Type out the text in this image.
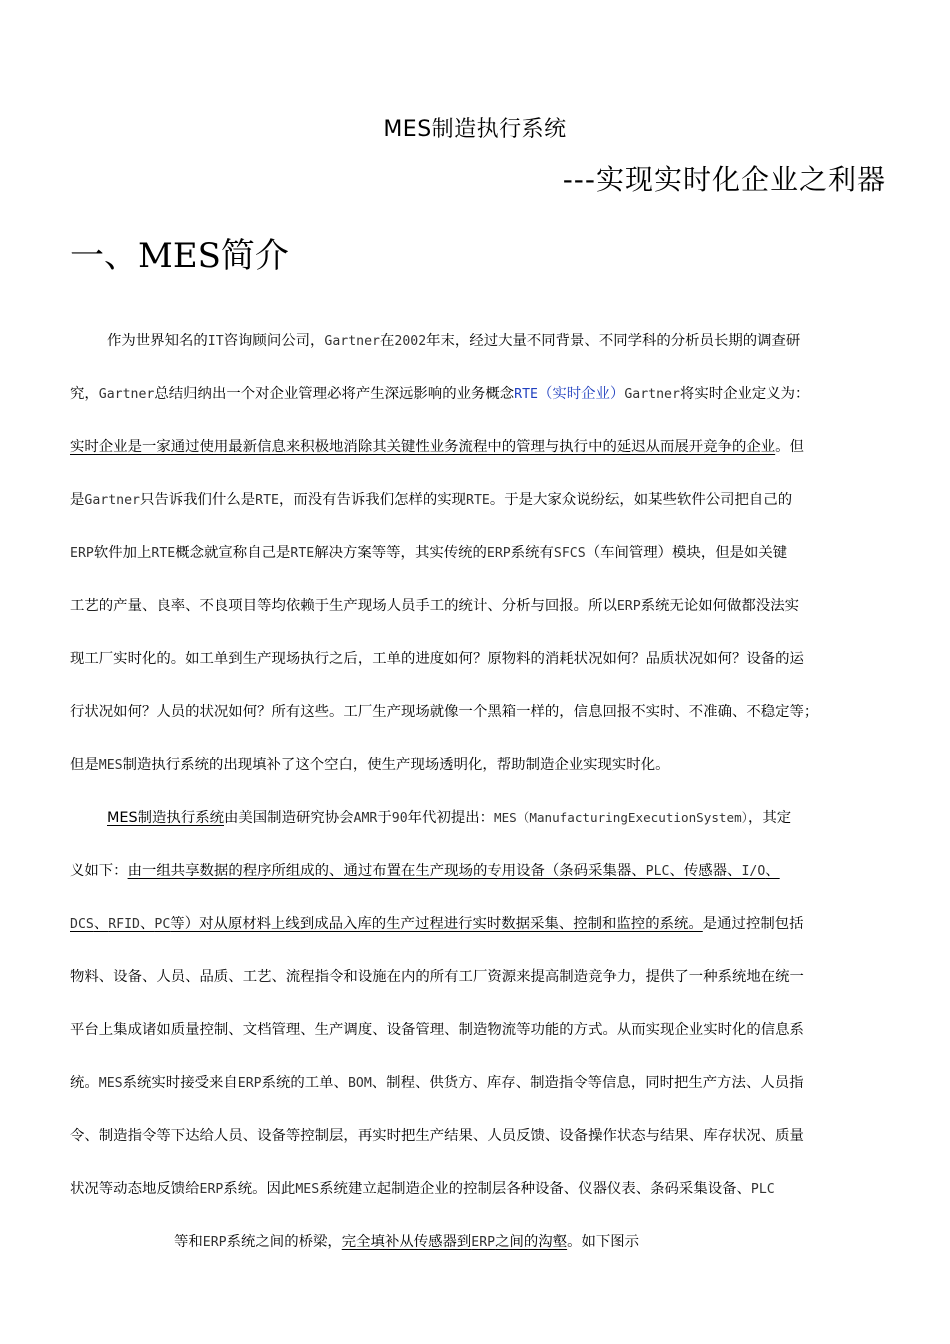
MES制造执行系统
---实现实时化企业之利器
一、MES简介
作为世界知名的IT咨询顾问公司，Gartner在2002年末，经过大量不同背景、不同学科的分析员长期的调查研
究，Gartner总结归纳出一个对企业管理必将产生深远影响的业务概念RTE（实时企业）Gartner将实时企业定义为：
实时企业是一家通过使用最新信息来积极地消除其关键性业务流程中的管理与执行中的延迟从而展开竞争的企业。但
是Gartner只告诉我们什么是RTE，而没有告诉我们怎样的实现RTE。于是大家众说纷纭，如某些软件公司把自己的
ERP软件加上RTE概念就宣称自己是RTE解决方案等等，其实传统的ERP系统有SFCS（车间管理）模块，但是如关键
工艺的产量、良率、不良项目等均依赖于生产现场人员手工的统计、分析与回报。所以ERP系统无论如何做都没法实
现工厂实时化的。如工单到生产现场执行之后，工单的进度如何？原物料的消耗状况如何？品质状况如何？设备的运
行状况如何？人员的状况如何？所有这些。工厂生产现场就像一个黑箱一样的，信息回报不实时、不准确、不稳定等；
但是MES制造执行系统的出现填补了这个空白，使生产现场透明化，帮助制造企业实现实时化。
MES制造执行系统由美国制造研究协会AMR于90年代初提出：MES（ManufacturingExecutionSystem），其定
义如下：由一组共享数据的程序所组成的、通过布置在生产现场的专用设备（条码采集器、PLC、传感器、I/O、
DCS、RFID、PC等）对从原材料上线到成品入库的生产过程进行实时数据采集、控制和监控的系统。是通过控制包括
物料、设备、人员、品质、工艺、流程指令和设施在内的所有工厂资源来提高制造竞争力，提供了一种系统地在统一
平台上集成诸如质量控制、文档管理、生产调度、设备管理、制造物流等功能的方式。从而实现企业实时化的信息系
统。MES系统实时接受来自ERP系统的工单、BOM、制程、供货方、库存、制造指令等信息，同时把生产方法、人员指
令、制造指令等下达给人员、设备等控制层，再实时把生产结果、人员反馈、设备操作状态与结果、库存状况、质量
状况等动态地反馈给ERP系统。因此MES系统建立起制造企业的控制层各种设备、仪器仪表、条码采集设备、PLC
等和ERP系统之间的桥梁，完全填补从传感器到ERP之间的沟壑。如下图示
